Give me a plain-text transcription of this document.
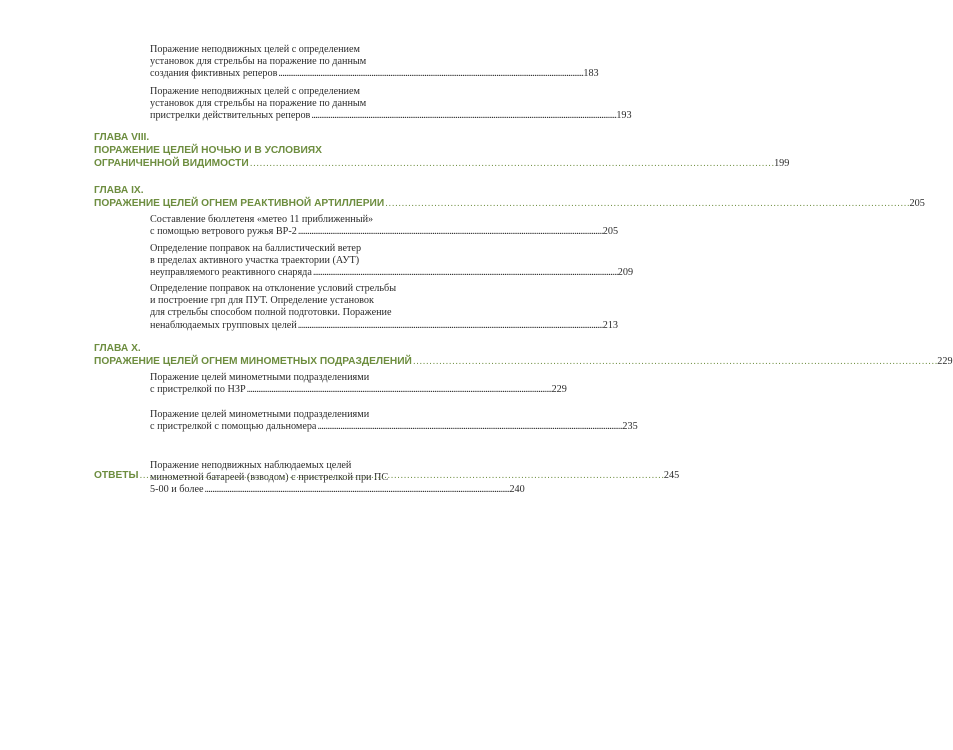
Поражение неподвижных целей с определением
установок для стрельбы на поражение по данным
создания фиктивных реперов . . .	183
Поражение неподвижных целей с определением
установок для стрельбы на поражение по данным
пристрелки действительных реперов . . .	193
ГЛАВА VIII.
ПОРАЖЕНИЕ ЦЕЛЕЙ НОЧЬЮ И В УСЛОВИЯХ
ОГРАНИЧЕННОЙ ВИДИМОСТИ . . .	199
ГЛАВА IX.
ПОРАЖЕНИЕ ЦЕЛЕЙ ОГНЕМ РЕАКТИВНОЙ АРТИЛЛЕРИИ . . .	205
Составление бюллетеня «метео 11 приближенный»
с помощью ветрового ружья ВР-2 . . .	205
Определение поправок на баллистический ветер
в пределах активного участка траектории (АУТ)
неуправляемого реактивного снаряда . . .	209
Определение поправок на отклонение условий стрельбы
и построение грп для ПУТ. Определение установок
для стрельбы способом полной подготовки. Поражение
ненаблюдаемых групповых целей . . .	213
ГЛАВА X.
ПОРАЖЕНИЕ ЦЕЛЕЙ ОГНЕМ МИНОМЕТНЫХ ПОДРАЗДЕЛЕНИЙ . . .	229
Поражение целей минометными подразделениями
с пристрелкой по НЗР . . .	229
Поражение целей минометными подразделениями
с пристрелкой с помощью дальномера . . .	235
Поражение неподвижных наблюдаемых целей
минометной батареей (взводом) с пристрелкой при ПС
5-00 и более . . .	240
ОТВЕТЫ . . .	245
